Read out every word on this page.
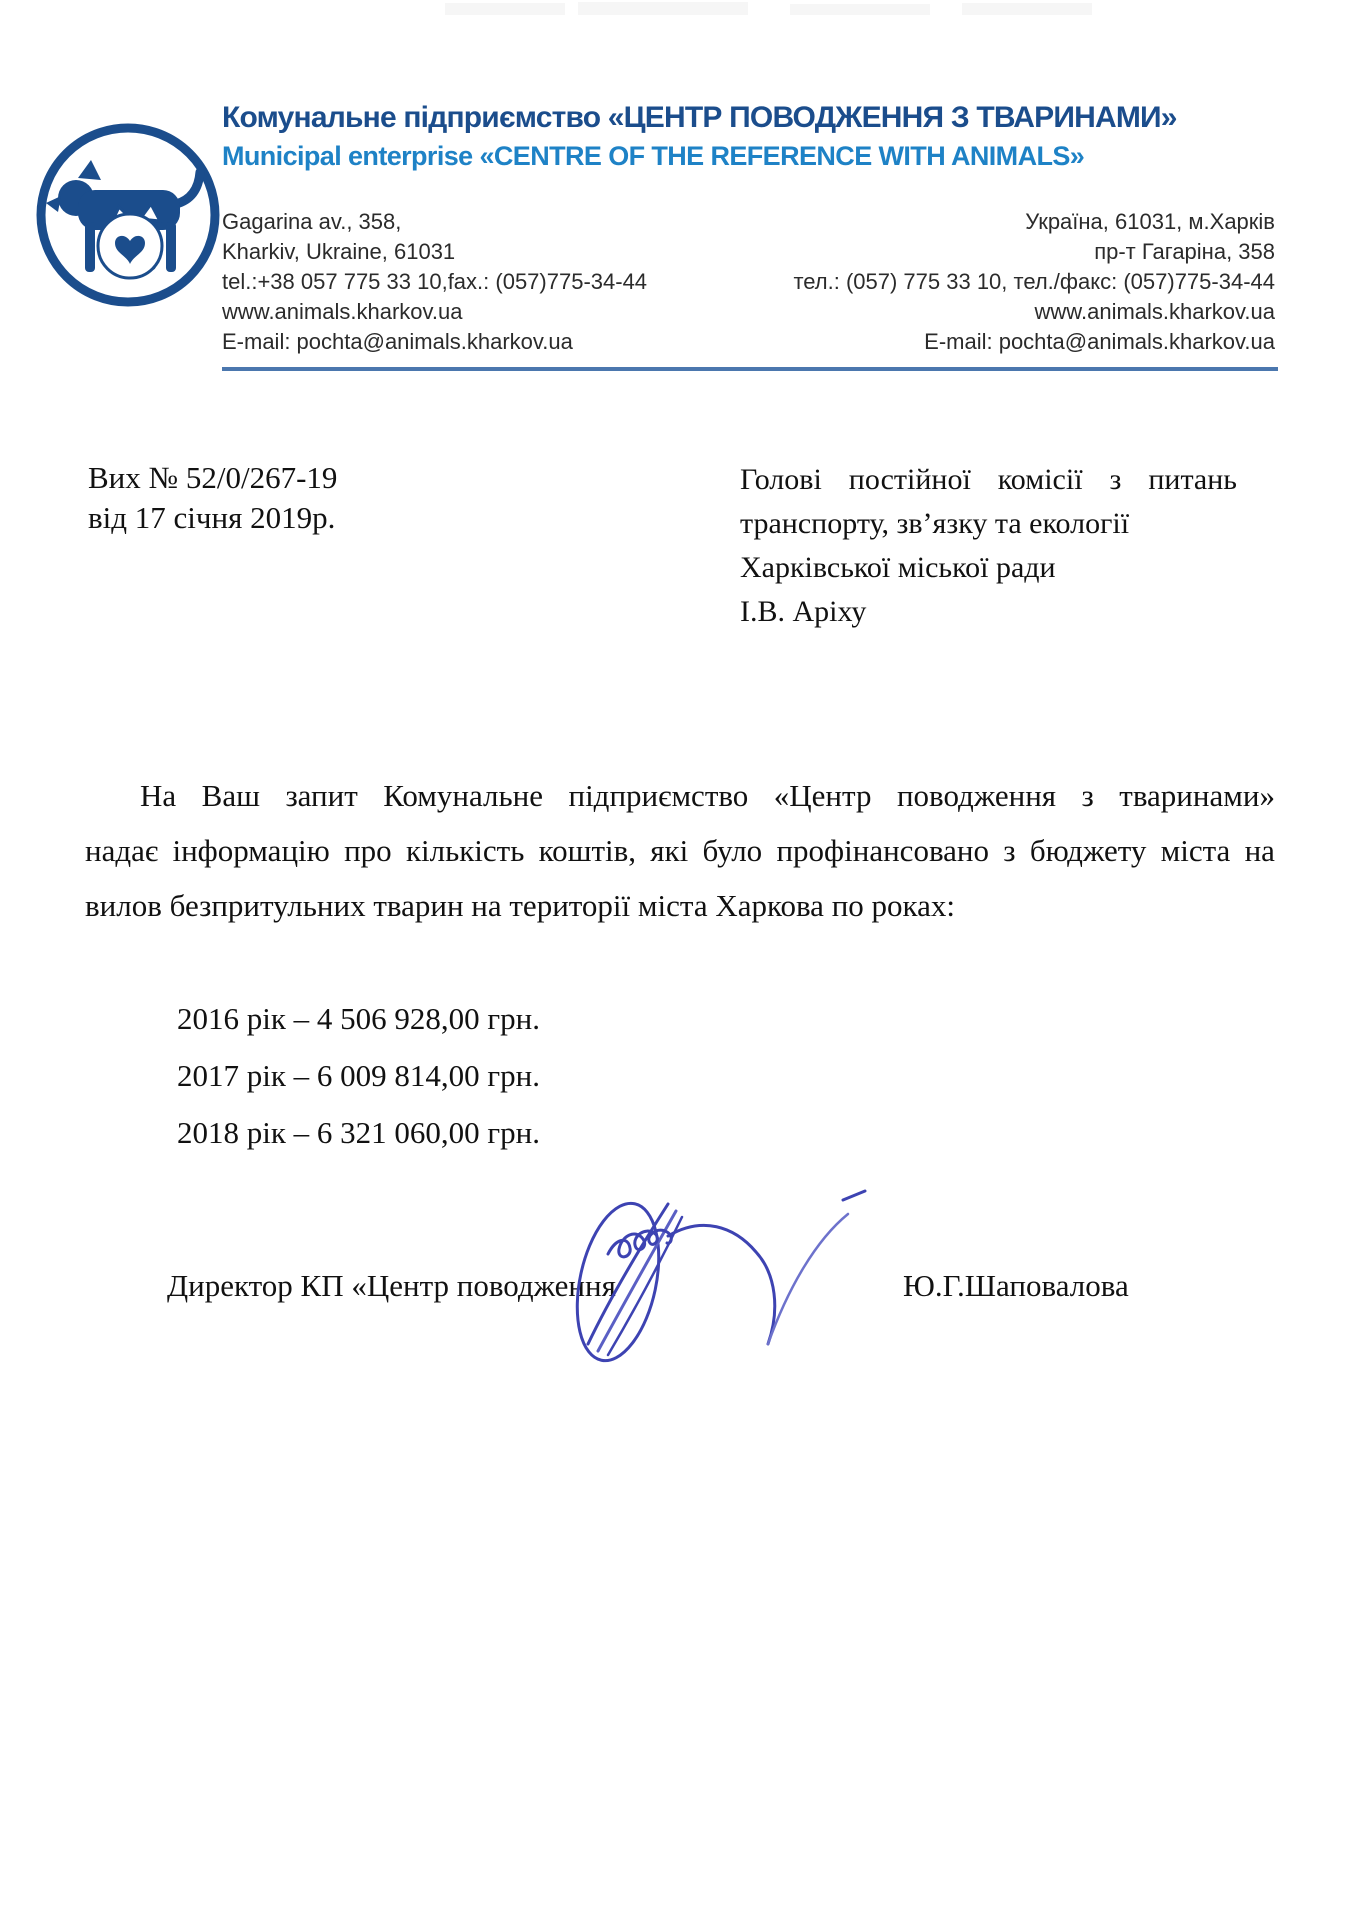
Комунальне підприємство «ЦЕНТР ПОВОДЖЕННЯ З ТВАРИНАМИ»
Municipal enterprise «CENTRE OF THE REFERENCE WITH ANIMALS»
Gagarina av., 358,
Kharkiv, Ukraine, 61031
tel.:+38 057 775 33 10,fax.: (057)775-34-44
www.animals.kharkov.ua
E-mail: pochta@animals.kharkov.ua
Україна, 61031, м.Харків
пр-т Гагаріна, 358
тел.: (057) 775 33 10, тел./факс: (057)775-34-44
www.animals.kharkov.ua
E-mail: pochta@animals.kharkov.ua
Вих № 52/0/267-19
від 17 січня 2019р.
Голові постійної комісії з питань
транспорту, зв’язку та екології
Харківської міської ради
І.В. Аріху
На Ваш запит Комунальне підприємство «Центр поводження з тваринами»
надає інформацію про кількість коштів, які було профінансовано з бюджету міста на
вилов безпритульних тварин на території міста Харкова по роках:
2016 рік – 4 506 928,00 грн.
2017 рік – 6 009 814,00 грн.
2018 рік – 6 321 060,00 грн.
Директор КП «Центр поводження	Ю.Г.Шаповалова
